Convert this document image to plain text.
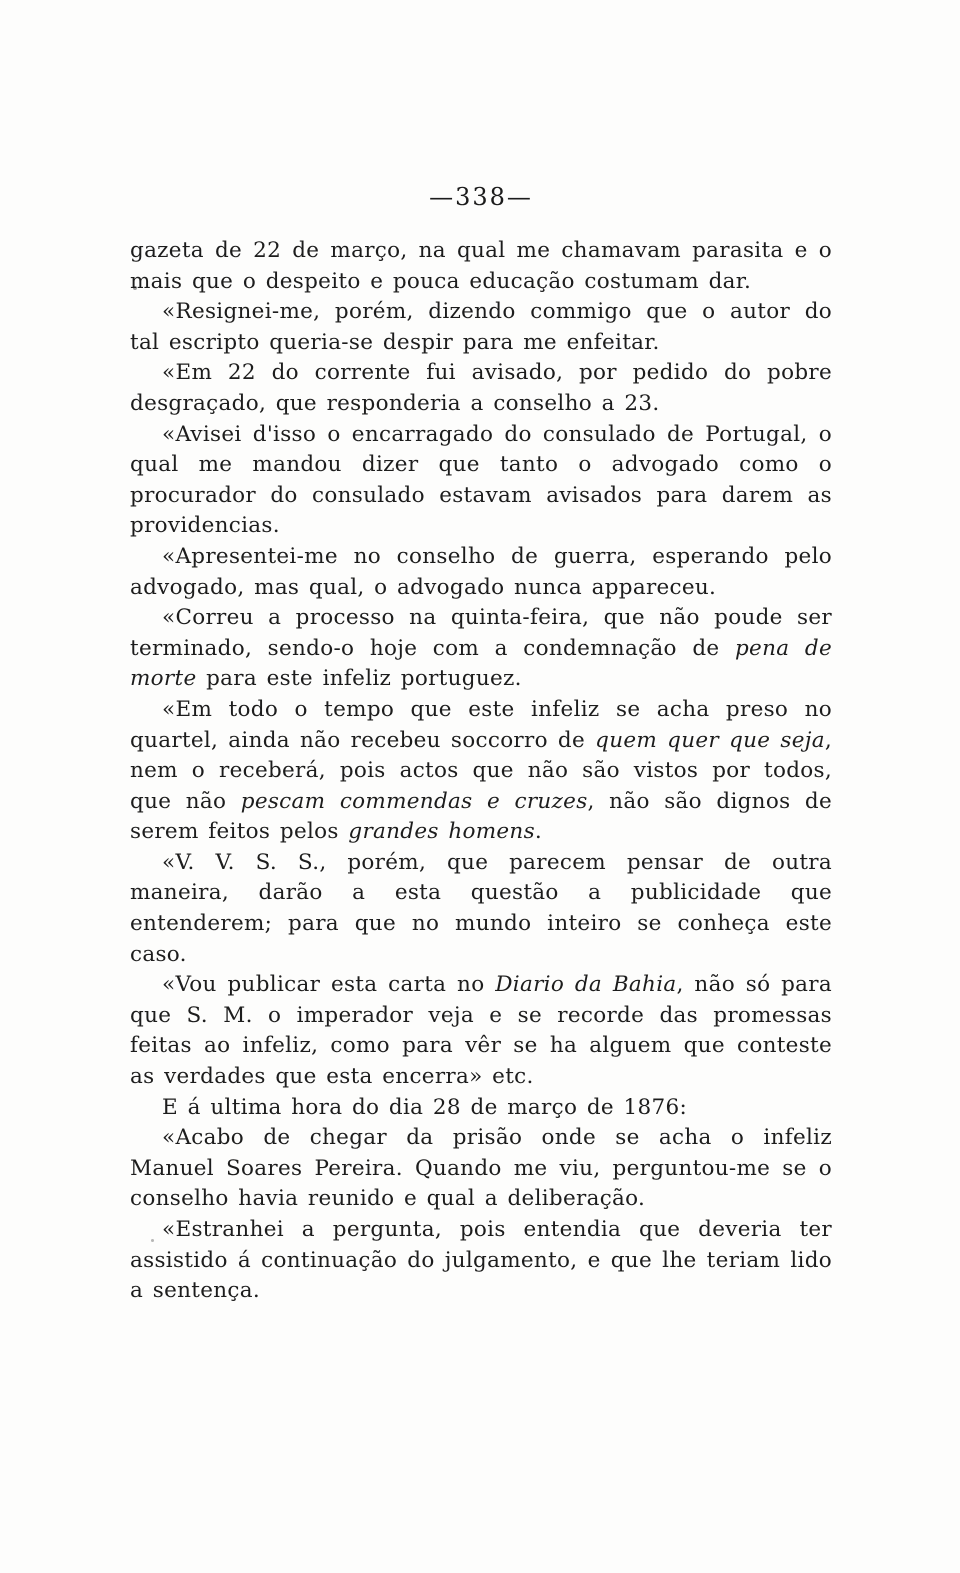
—338—

gazeta de 22 de março, na qual me chamavam parasita e o mais que o despeito e pouca educação costumam dar.

«Resignei-me, porém, dizendo commigo que o autor do tal escripto queria-se despir para me enfeitar.

«Em 22 do corrente fui avisado, por pedido do pobre desgraçado, que responderia a conselho a 23.

«Avisei d'isso o encarragado do consulado de Portugal, o qual me mandou dizer que tanto o advogado como o procurador do consulado estavam avisados para darem as providencias.

«Apresentei-me no conselho de guerra, esperando pelo advogado, mas qual, o advogado nunca appareceu.

«Correu a processo na quinta-feira, que não poude ser terminado, sendo-o hoje com a condemnação de pena de morte para este infeliz portuguez.

«Em todo o tempo que este infeliz se acha preso no quartel, ainda não recebeu soccorro de quem quer que seja, nem o receberá, pois actos que não são vistos por todos, que não pescam commendas e cruzes, não são dignos de serem feitos pelos grandes homens.

«V. V. S. S., porém, que parecem pensar de outra maneira, darão a esta questão a publicidade que entenderem; para que no mundo inteiro se conheça este caso.

«Vou publicar esta carta no Diario da Bahia, não só para que S. M. o imperador veja e se recorde das promessas feitas ao infeliz, como para vêr se ha alguem que conteste as verdades que esta encerra» etc.

E á ultima hora do dia 28 de março de 1876:

«Acabo de chegar da prisão onde se acha o infeliz Manuel Soares Pereira. Quando me viu, perguntou-me se o conselho havia reunido e qual a deliberação.

«Estranhei a pergunta, pois entendia que deveria ter assistido á continuação do julgamento, e que lhe teriam lido a sentença.
